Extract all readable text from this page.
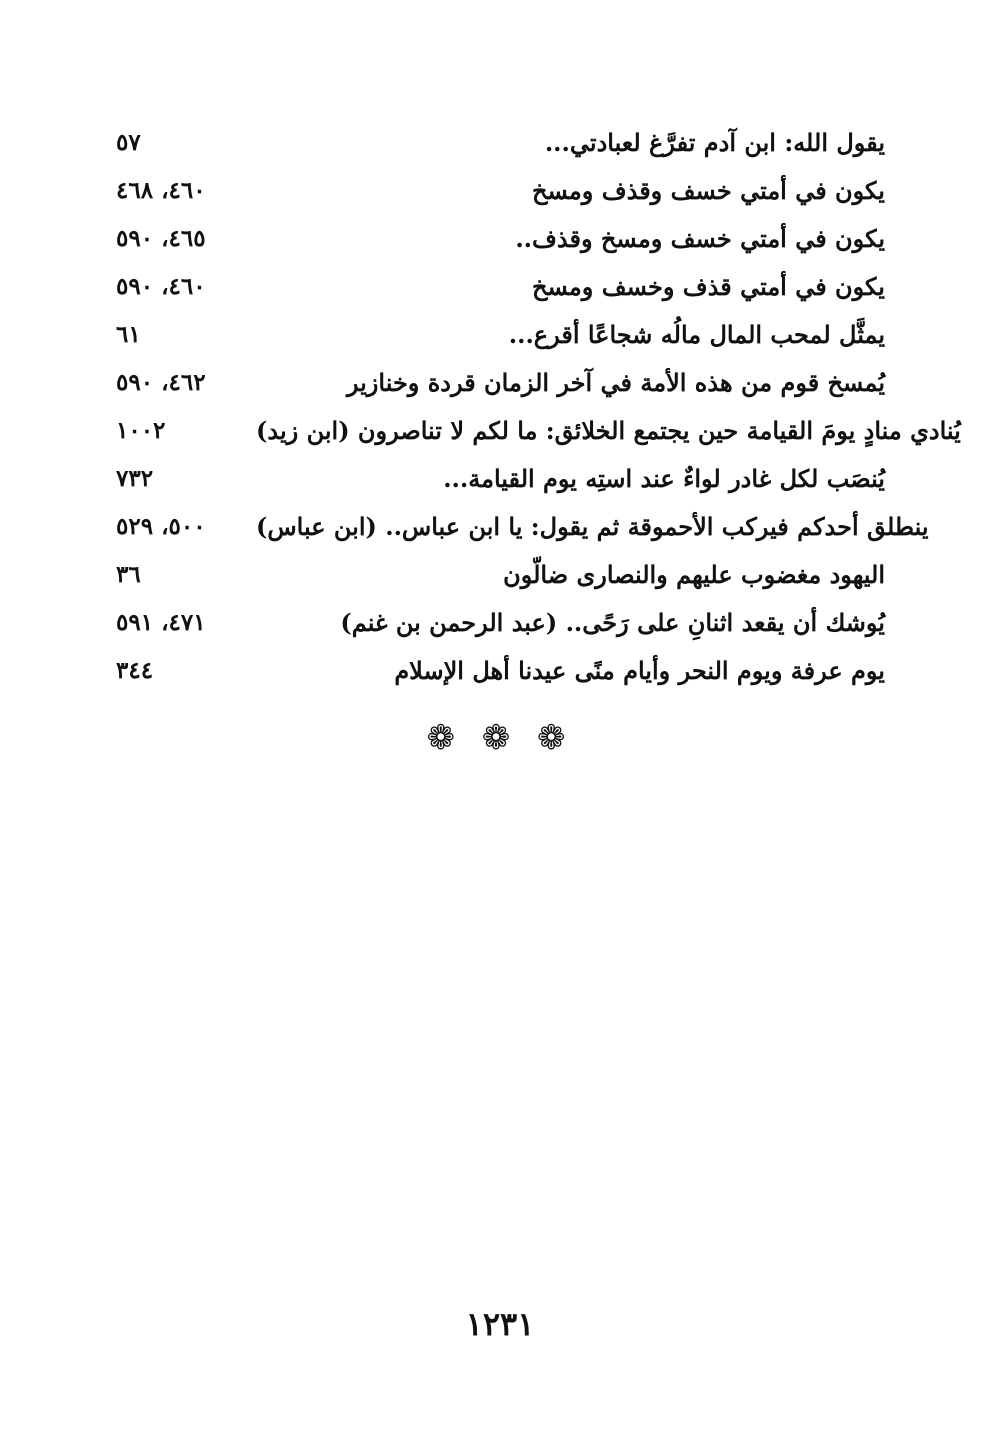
٥٧	يقول الله: ابن آدم تفرَّغ لعبادتي...
٤٦٠، ٤٦٨	يكون في أمتي خسف وقذف ومسخ
٤٦٥، ٥٩٠	يكون في أمتي خسف ومسخ وقذف..
٤٦٠، ٥٩٠	يكون في أمتي قذف وخسف ومسخ
٦١	يمثَّل لمحب المال مالُه شجاعًا أقرع...
٤٦٢، ٥٩٠	يُمسخ قوم من هذه الأمة في آخر الزمان قردة وخنازير
١٠٠٢	يُنادي منادٍ يومَ القيامة حين يجتمع الخلائق: ما لكم لا تناصرون (ابن زيد)
٧٣٢	يُنصَب لكل غادر لواءٌ عند استِه يوم القيامة...
٥٠٠، ٥٢٩	ينطلق أحدكم فيركب الأحموقة ثم يقول: يا ابن عباس.. (ابن عباس)
٣٦	اليهود مغضوب عليهم والنصارى ضالّون
٤٧١، ٥٩١	يُوشك أن يقعد اثنانِ على رَحًى.. (عبد الرحمن بن غنم)
٣٤٤	يوم عرفة ويوم النحر وأيام منًى عيدنا أهل الإسلام
❁ ❁ ❁
١٢٣١
